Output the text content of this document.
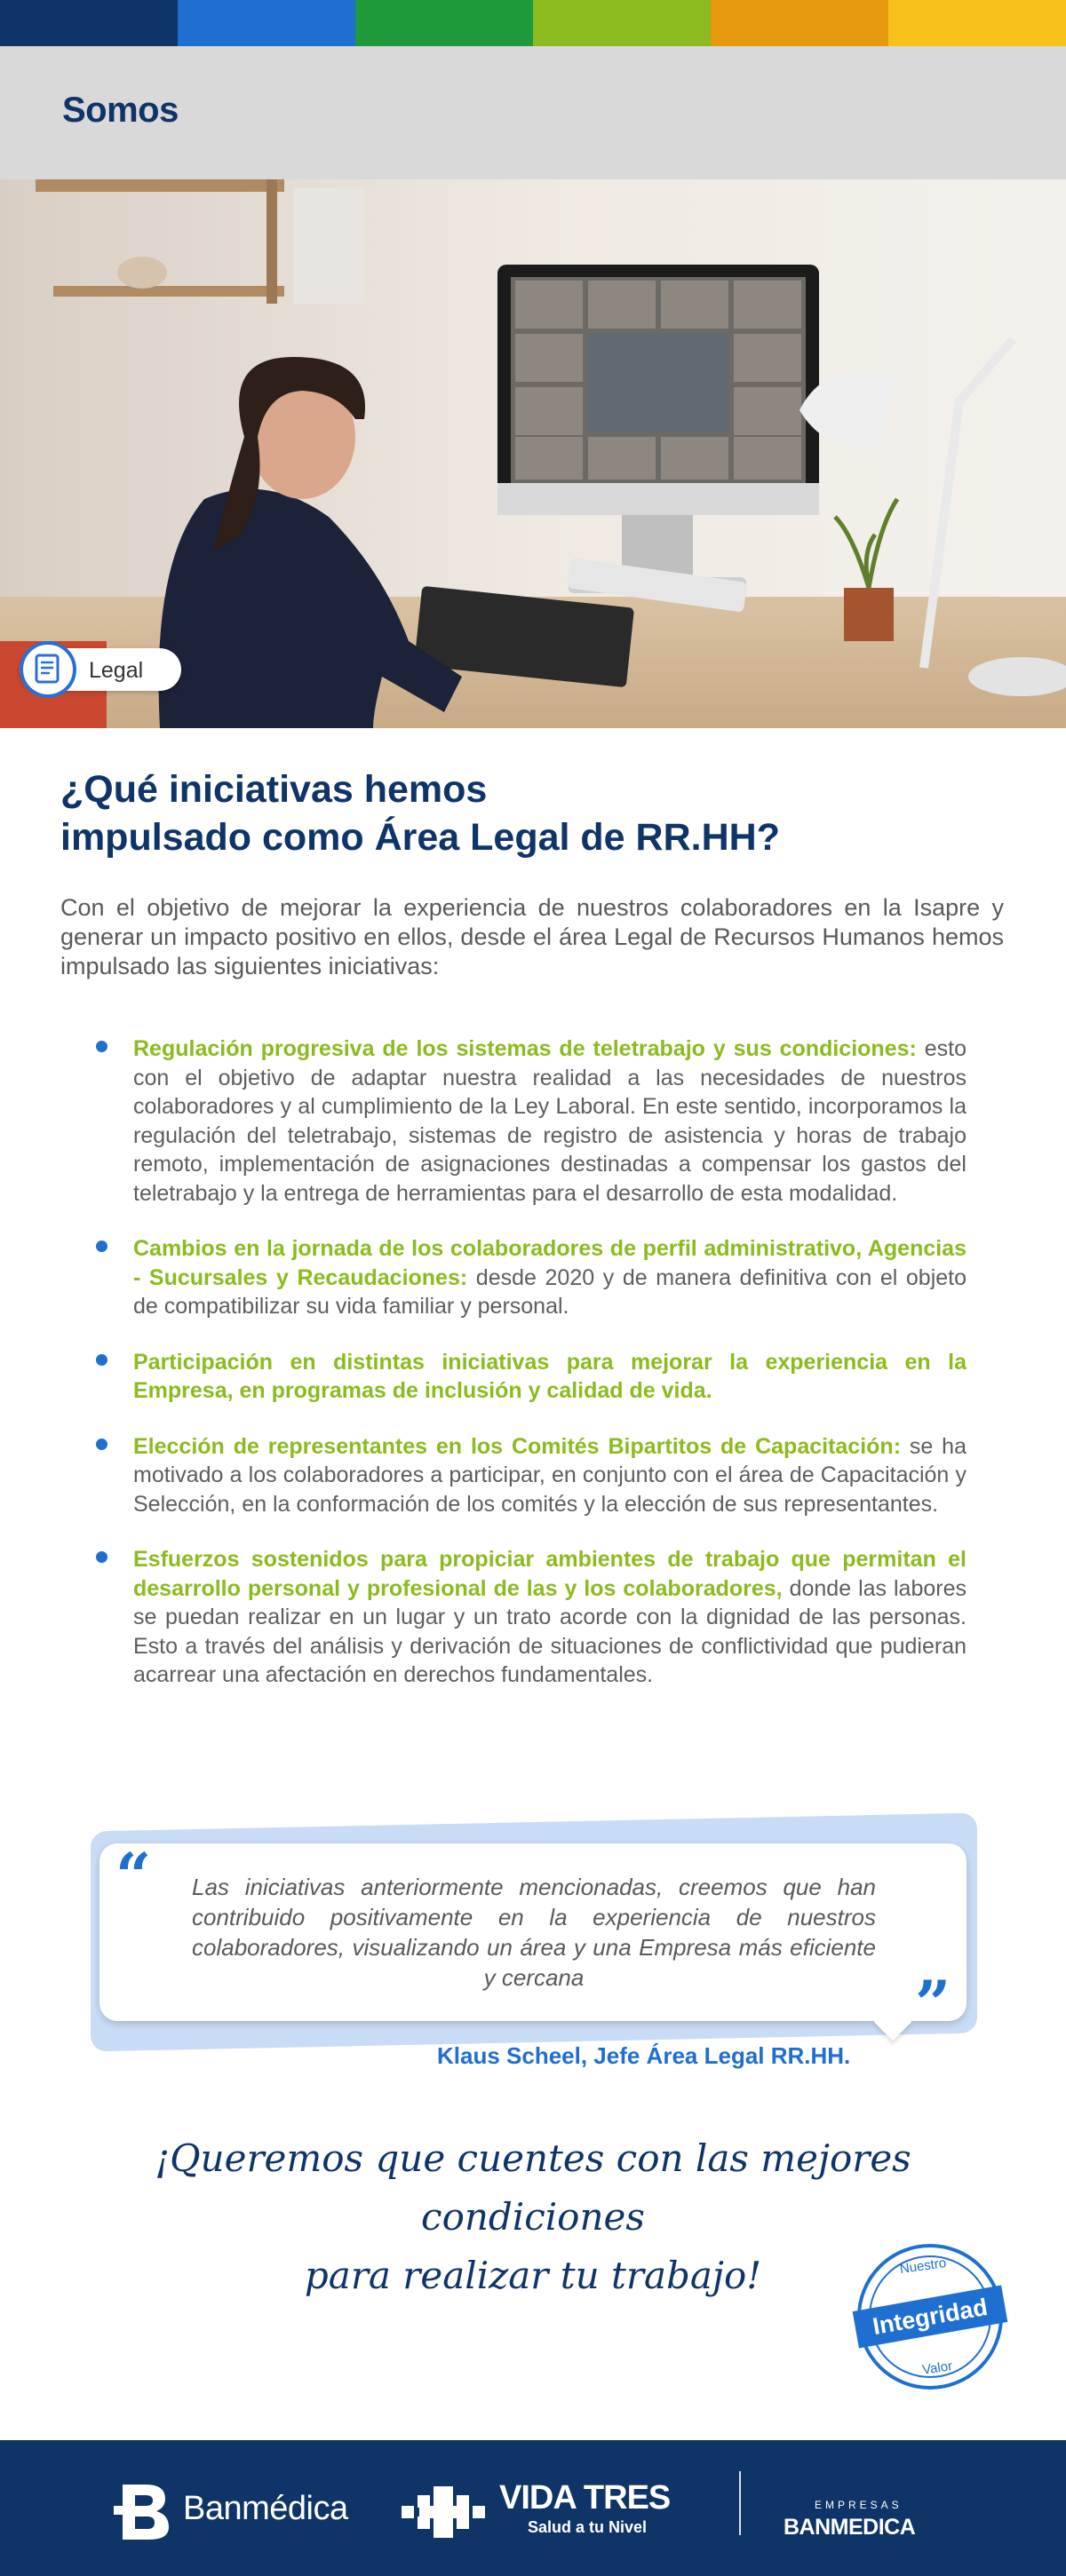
Somos
Legal
¿Qué iniciativas hemos
impulsado como Área Legal de RR.HH?

Con el objetivo de mejorar la experiencia de nuestros colaboradores en la Isapre y generar un impacto positivo en ellos, desde el área Legal de Recursos Humanos hemos impulsado las siguientes iniciativas:

Regulación progresiva de los sistemas de teletrabajo y sus condiciones: esto con el objetivo de adaptar nuestra realidad a las necesidades de nuestros colaboradores y al cumplimiento de la Ley Laboral. En este sentido, incorporamos la regulación del teletrabajo, sistemas de registro de asistencia y horas de trabajo remoto, implementación de asignaciones destinadas a compensar los gastos del teletrabajo y la entrega de herramientas para el desarrollo de esta modalidad.
Cambios en la jornada de los colaboradores de perfil administrativo, Agencias - Sucursales y Recaudaciones: desde 2020 y de manera definitiva con el objeto de compatibilizar su vida familiar y personal.
Participación en distintas iniciativas para mejorar la experiencia en la Empresa, en programas de inclusión y calidad de vida.
Elección de representantes en los Comités Bipartitos de Capacitación: se ha motivado a los colaboradores a participar, en conjunto con el área de Capacitación y Selección, en la conformación de los comités y la elección de sus representantes.
Esfuerzos sostenidos para propiciar ambientes de trabajo que permitan el desarrollo personal y profesional de las y los colaboradores, donde las labores se puedan realizar en un lugar y un trato acorde con la dignidad de las personas. Esto a través del análisis y derivación de situaciones de conflictividad que pudieran acarrear una afectación en derechos fundamentales.
“ Las iniciativas anteriormente mencionadas, creemos que han contribuido positivamente en la experiencia de nuestros colaboradores, visualizando un área y una Empresa más eficiente y cercana	”
Klaus Scheel, Jefe Área Legal RR.HH.
¡Queremos que cuentes con las mejores condiciones
para realizar tu trabajo!	Nuestro
Integridad
Valor
Banmédica	VIDA TRES
Salud a tu Nivel
EMPRESAS
BANMEDICA
